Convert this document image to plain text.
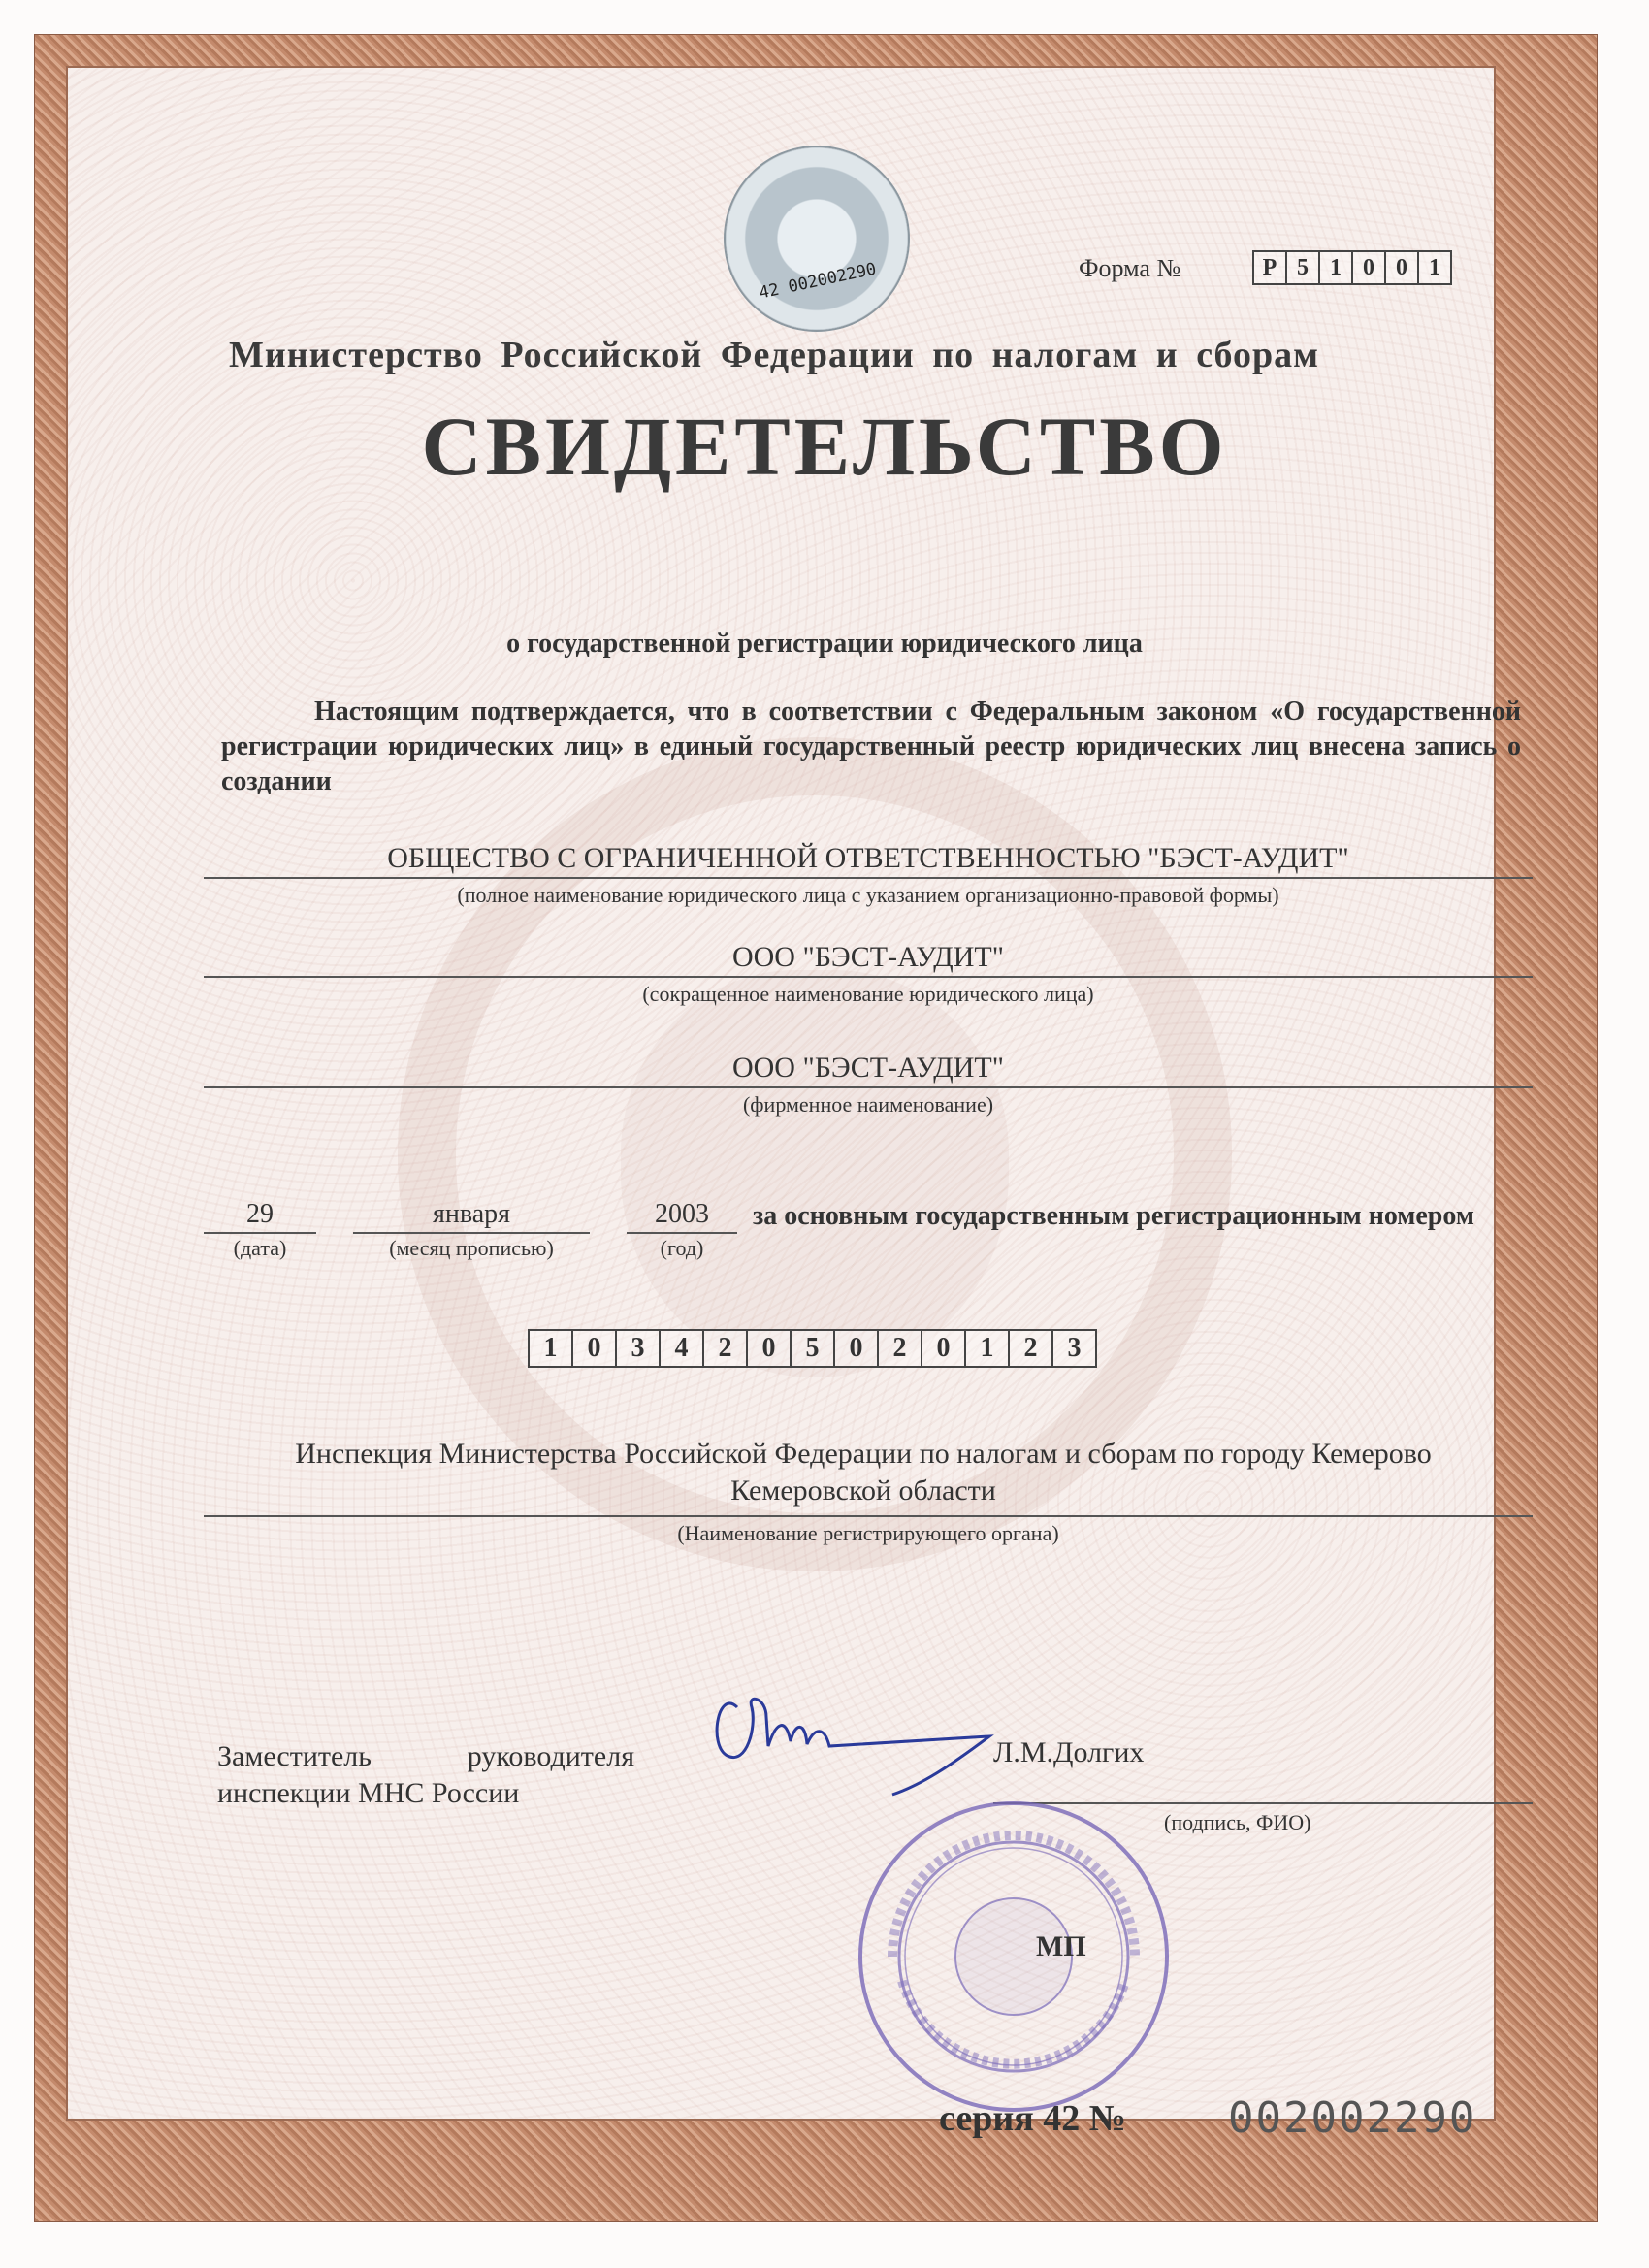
42 002002290	Форма №	Р 5 1 0 0 1
Министерство Российской Федерации по налогам и сборам
СВИДЕТЕЛЬСТВО
о государственной регистрации юридического лица
Настоящим подтверждается, что в соответствии с Федеральным законом «О государственной регистрации юридических лиц» в единый государственный реестр юридических лиц внесена запись о создании
ОБЩЕСТВО С ОГРАНИЧЕННОЙ ОТВЕТСТВЕННОСТЬЮ "БЭСТ-АУДИТ"
(полное наименование юридического лица с указанием организационно-правовой формы)
ООО "БЭСТ-АУДИТ"
(сокращенное наименование юридического лица)
ООО "БЭСТ-АУДИТ"
(фирменное наименование)
29
(дата)
января
(месяц прописью)
2003
(год)
за основным государственным регистрационным номером
1	0	3	4	2	0	5	0	2	0	1	2	3
Инспекция Министерства Российской Федерации по налогам и сборам по городу Кемерово
Кемеровской области
(Наименование регистрирующего органа)
Заместитель	руководителя
инспекции МНС России
Л.М.Долгих
(подпись, ФИО)
МП
серия 42 № 002002290
